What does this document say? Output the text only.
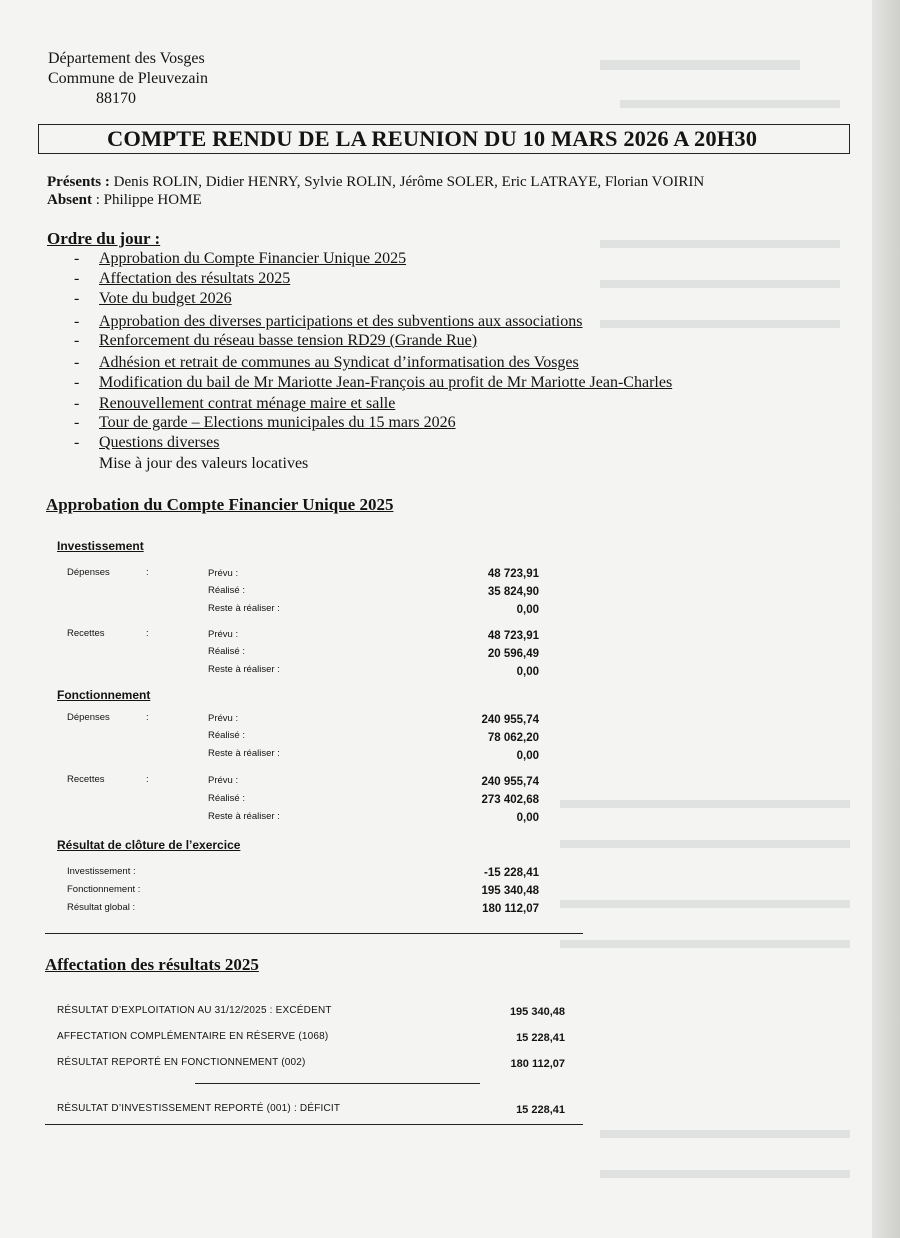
Département des Vosges
Commune de Pleuvezain
88170
COMPTE RENDU DE LA REUNION DU 10 MARS 2026 A 20H30
Présents : Denis ROLIN, Didier HENRY, Sylvie ROLIN, Jérôme SOLER, Eric LATRAYE, Florian VOIRIN
Absent : Philippe HOME
Ordre du jour :
- Approbation du Compte Financier Unique 2025
- Affectation des résultats 2025
- Vote du budget 2026
- Approbation des diverses participations et des subventions aux associations
- Renforcement du réseau basse tension RD29 (Grande Rue)
- Adhésion et retrait de communes au Syndicat d’informatisation des Vosges
- Modification du bail de Mr Mariotte Jean-François au profit de Mr Mariotte Jean-Charles
- Renouvellement contrat ménage maire et salle
- Tour de garde – Elections municipales du 15 mars 2026
- Questions diverses
Mise à jour des valeurs locatives
Approbation du Compte Financier Unique 2025
Investissement
Dépenses	:	Prévu :	48 723,91
Réalisé :	35 824,90
Reste à réaliser :	0,00
Recettes	:	Prévu :	48 723,91
Réalisé :	20 596,49
Reste à réaliser :	0,00
Fonctionnement
Dépenses	:	Prévu :	240 955,74
Réalisé :	78 062,20
Reste à réaliser :	0,00
Recettes	:	Prévu :	240 955,74
Réalisé :	273 402,68
Reste à réaliser :	0,00
Résultat de clôture de l’exercice
Investissement :	-15 228,41
Fonctionnement :	195 340,48
Résultat global :	180 112,07
Affectation des résultats 2025
RÉSULTAT D’EXPLOITATION AU 31/12/2025 : EXCÉDENT	195 340,48
AFFECTATION COMPLÉMENTAIRE EN RÉSERVE (1068)	15 228,41
RÉSULTAT REPORTÉ EN FONCTIONNEMENT (002)	180 112,07
RÉSULTAT D’INVESTISSEMENT REPORTÉ (001) : DÉFICIT	15 228,41
